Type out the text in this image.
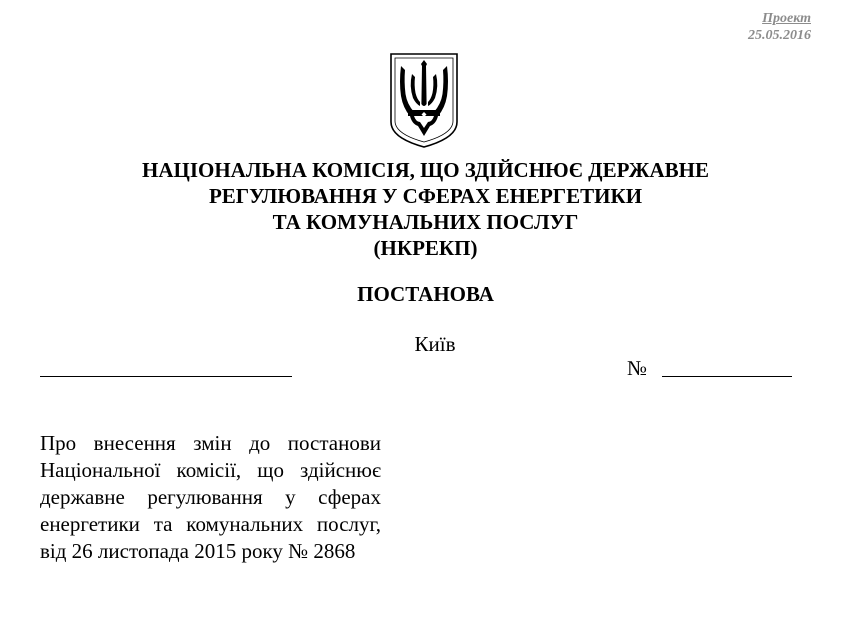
Проект
25.05.2016
НАЦІОНАЛЬНА КОМІСІЯ, ЩО ЗДІЙСНЮЄ ДЕРЖАВНЕ
РЕГУЛЮВАННЯ У СФЕРАХ ЕНЕРГЕТИКИ
ТА КОМУНАЛЬНИХ ПОСЛУГ
(НКРЕКП)
ПОСТАНОВА
Київ
№
Про внесення змін до постанови
Національної комісії, що здійснює
державне регулювання у сферах
енергетики та комунальних послуг,
від 26 листопада 2015 року № 2868
